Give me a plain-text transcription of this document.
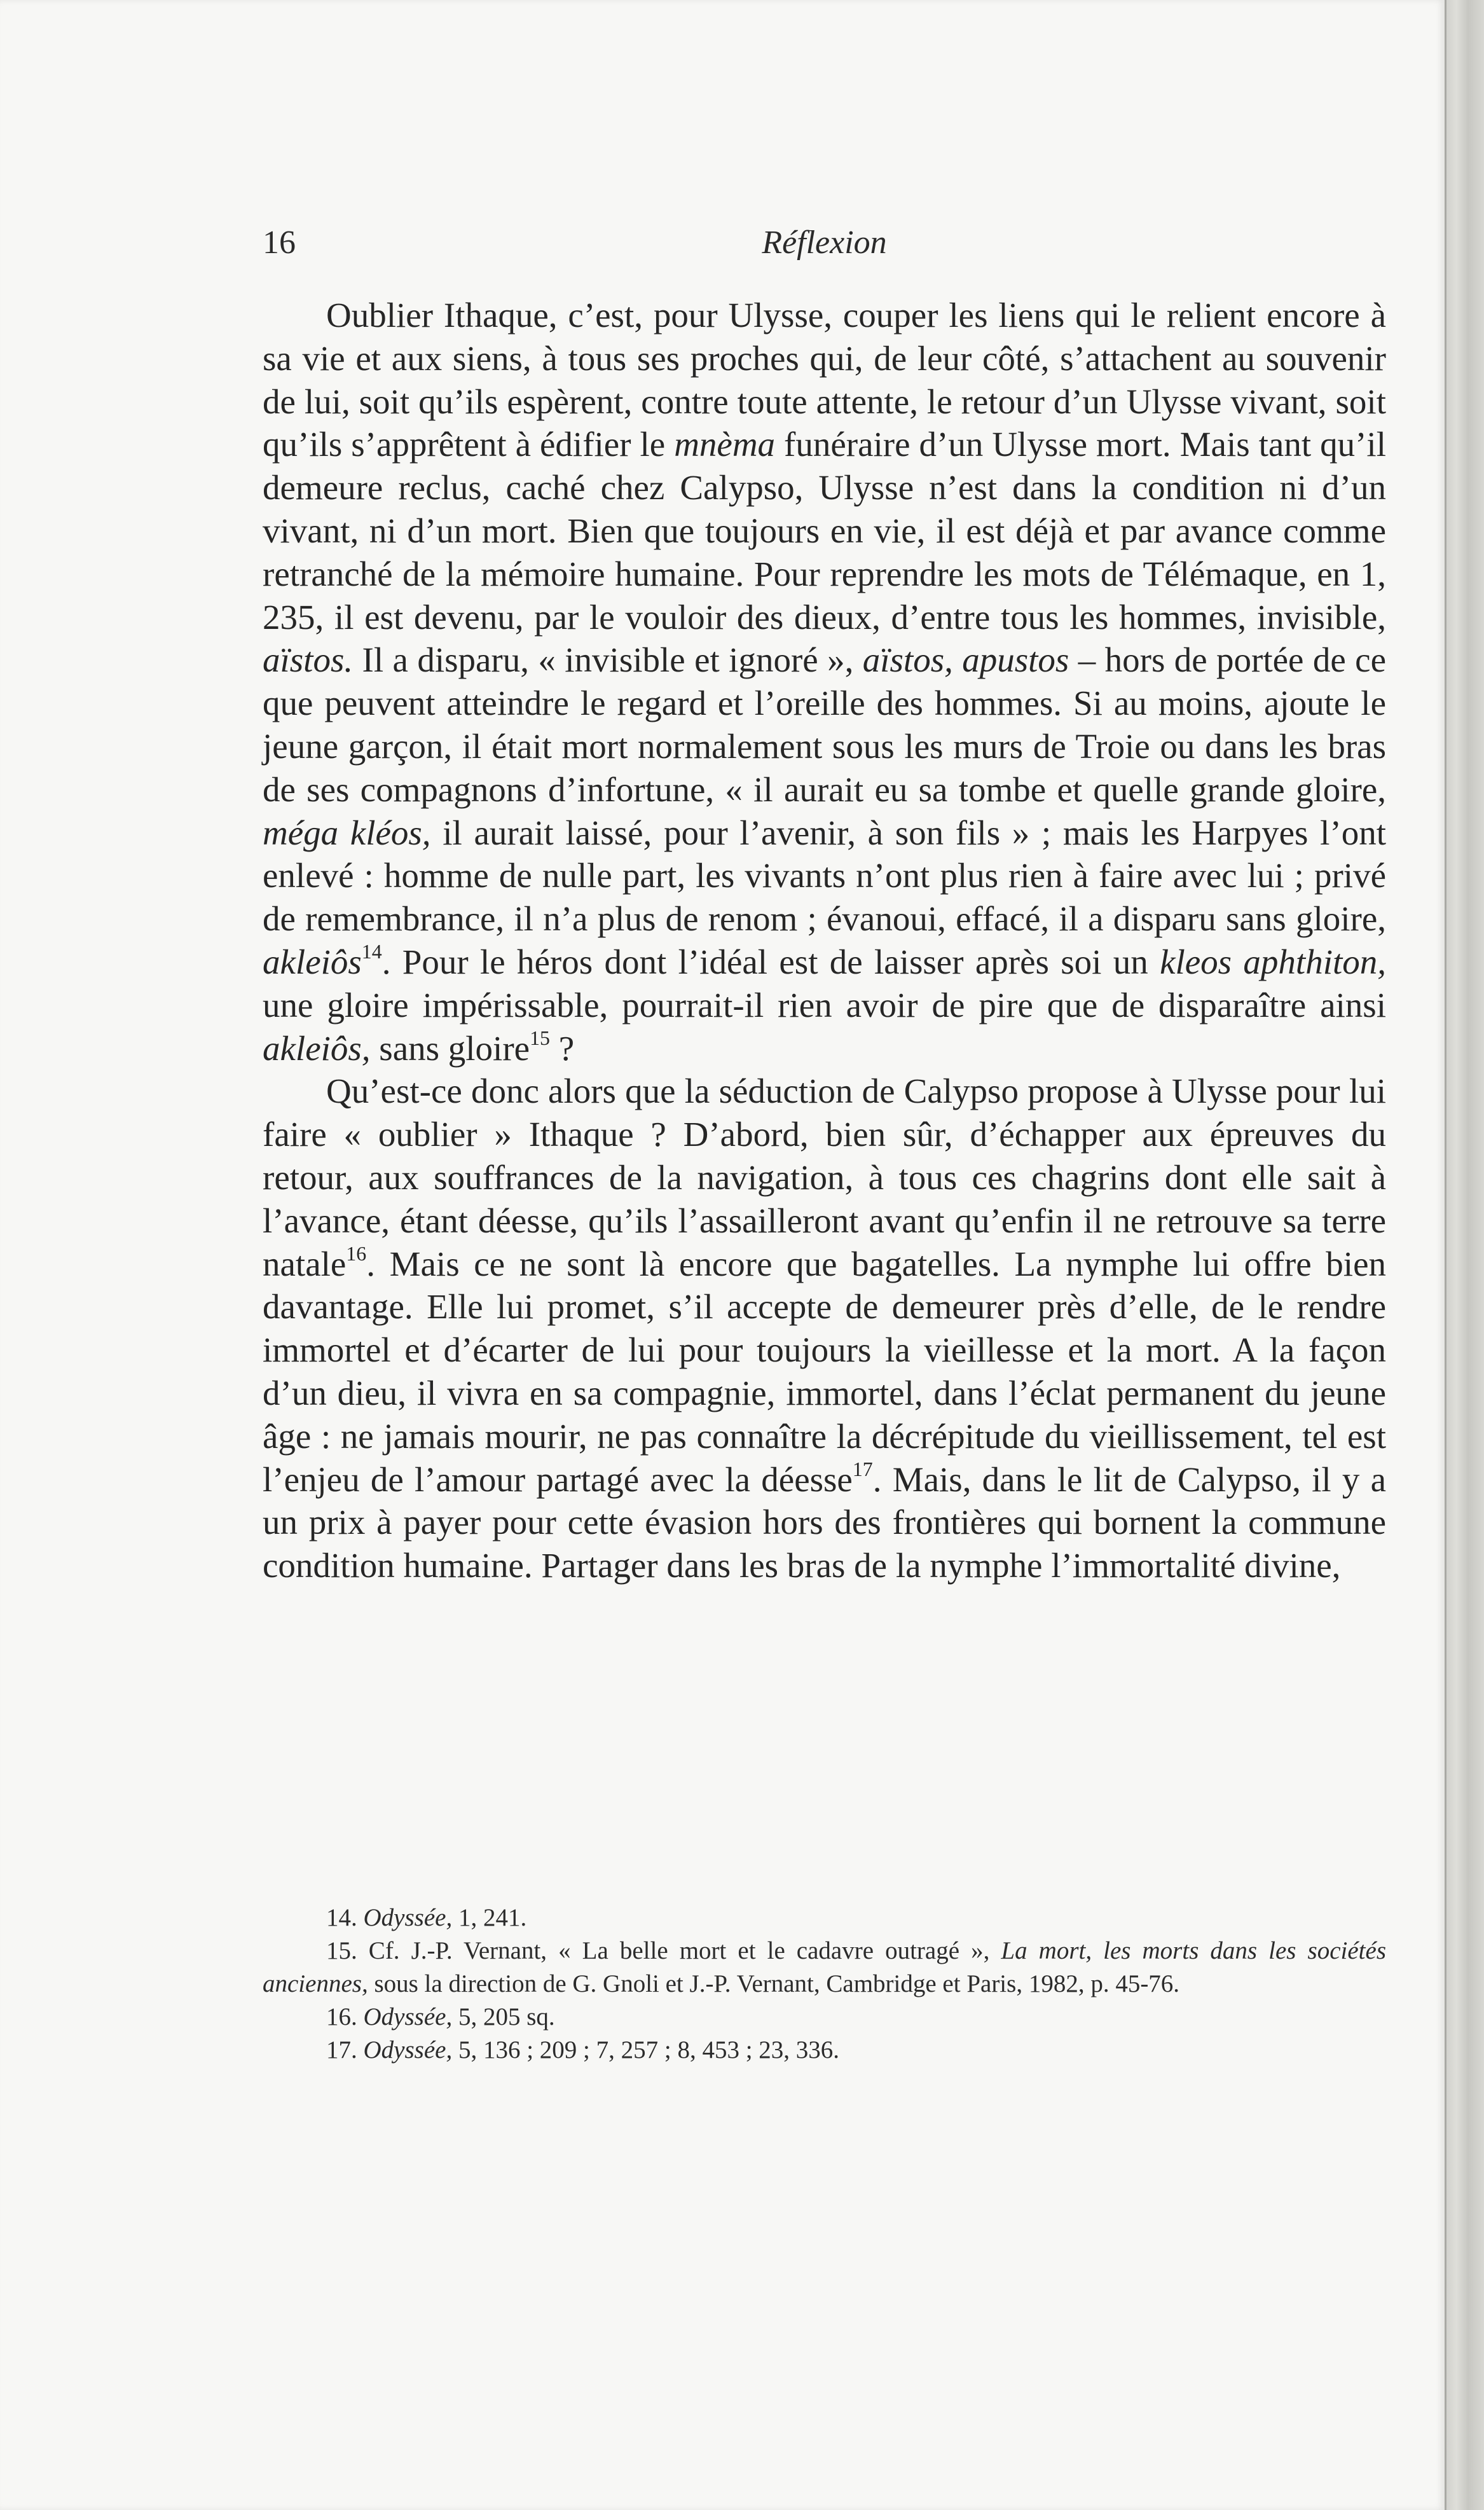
16	Réflexion

Oublier Ithaque, c’est, pour Ulysse, couper les liens qui le relient encore à sa vie et aux siens, à tous ses proches qui, de leur côté, s’attachent au souvenir de lui, soit qu’ils espèrent, contre toute attente, le retour d’un Ulysse vivant, soit qu’ils s’apprêtent à édifier le mnèma funéraire d’un Ulysse mort. Mais tant qu’il demeure reclus, caché chez Calypso, Ulysse n’est dans la condition ni d’un vivant, ni d’un mort. Bien que toujours en vie, il est déjà et par avance comme retranché de la mémoire humaine. Pour reprendre les mots de Télémaque, en 1, 235, il est devenu, par le vouloir des dieux, d’entre tous les hommes, invisible, aïstos. Il a disparu, « invisible et ignoré », aïstos, apustos – hors de portée de ce que peuvent atteindre le regard et l’oreille des hommes. Si au moins, ajoute le jeune garçon, il était mort normalement sous les murs de Troie ou dans les bras de ses compagnons d’infortune, « il aurait eu sa tombe et quelle grande gloire, méga kléos, il aurait laissé, pour l’avenir, à son fils » ; mais les Harpyes l’ont enlevé : homme de nulle part, les vivants n’ont plus rien à faire avec lui ; privé de remembrance, il n’a plus de renom ; évanoui, effacé, il a disparu sans gloire, akleiôs$^{14}$. Pour le héros dont l’idéal est de laisser après soi un kleos aphthiton, une gloire impérissable, pourrait-il rien avoir de pire que de disparaître ainsi akleiôs, sans gloire$^{15}$ ?

Qu’est-ce donc alors que la séduction de Calypso propose à Ulysse pour lui faire « oublier » Ithaque ? D’abord, bien sûr, d’échapper aux épreuves du retour, aux souffrances de la navigation, à tous ces chagrins dont elle sait à l’avance, étant déesse, qu’ils l’assailleront avant qu’enfin il ne retrouve sa terre natale$^{16}$. Mais ce ne sont là encore que bagatelles. La nymphe lui offre bien davantage. Elle lui promet, s’il accepte de demeurer près d’elle, de le rendre immortel et d’écarter de lui pour toujours la vieillesse et la mort. A la façon d’un dieu, il vivra en sa compagnie, immortel, dans l’éclat permanent du jeune âge : ne jamais mourir, ne pas connaître la décrépitude du vieillissement, tel est l’enjeu de l’amour partagé avec la déesse$^{17}$. Mais, dans le lit de Calypso, il y a un prix à payer pour cette évasion hors des frontières qui bornent la commune condition humaine. Partager dans les bras de la nymphe l’immortalité divine,

14. Odyssée, 1, 241.

15. Cf. J.-P. Vernant, « La belle mort et le cadavre outragé », La mort, les morts dans les sociétés anciennes, sous la direction de G. Gnoli et J.-P. Vernant, Cambridge et Paris, 1982, p. 45-76.

16. Odyssée, 5, 205 sq.

17. Odyssée, 5, 136 ; 209 ; 7, 257 ; 8, 453 ; 23, 336.
